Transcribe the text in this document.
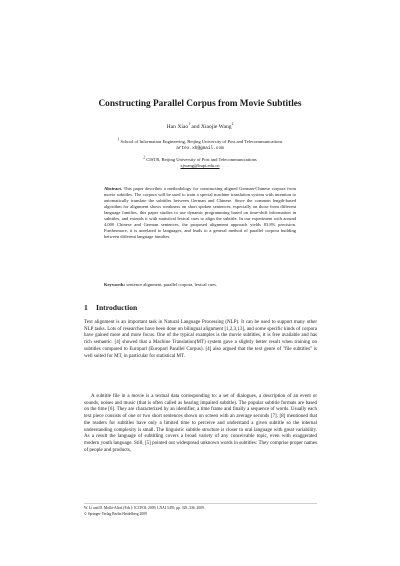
Constructing Parallel Corpus from Movie Subtitles
Han Xiao$^1$ and Xiaojie Wang$^2$
$^1$ School of Information Engineering, Beijing University of Post and Telecommunications
artex.xh@gmail.com
$^2$ CISTR, Beijing University of Post and Telecommunications
xjwang@bupt.edu.cn
Abstract. This paper describes a methodology for constructing aligned German-Chinese corpora from movie subtitles. The corpora will be used to train a special machine translation system with intention to automatically translate the subtitles between German and Chinese. Since the common length-based algorithm for alignment shows weakness on short spoken sentences, especially on those from different language families, this paper studies to use dynamic programming based on time-shift information in subtitles, and extends it with statistical lexical cues to align the subtitle. In our experiment with around 4,000 Chinese and German sentences, the proposed alignment approach yields 83.8% precision. Furthermore, it is unrelated to languages, and leads to a general method of parallel corpora building between different language families.
Keywords: sentence alignment, parallel corpora, lexical cues.
1 Introduction
Text alignment is an important task in Natural Language Processing (NLP). It can be used to support many other NLP tasks. Lots of researches have been done on bilingual alignment [1,2,3,13], and some specific kinds of corpora have gained more and more focus. One of the typical examples is the movie subtitles, it is free available and has rich semantic. [4] showed that a Machine Translation(MT) system gave a slightly better result when training on subtitles compared to Europarl (Europarl Parallel Corpus). [4] also argued that the text genre of "file subtitles" is well suited for MT, in particular for statistical MT.
A subtitle file in a movie is a textual data corresponding to: a set of dialogues, a description of an event or sounds, noises and music (that is often called as hearing impaired subtitle). The popular subtitle formats are based on the time [6]. They are characterized by an identifier, a time frame and finally a sequence of words. Usually each text piece consists of one or two short sentences shown on screen with an average seconds [7]. [8] mentioned that the readers for subtitles have only a limited time to perceive and understand a given subtitle so the internal understanding complexity is small. The linguistic subtitle structure is closer to oral language with great variability. As a result the language of subtitling covers a broad variety of any conceivable topic, even with exaggerated modern youth language. Still, [5] pointed out widespread unknown words in subtitles: They comprise proper names of people and products,
W. Li and D. Mollá-Aliod (Eds.): ICCPOL 2009, LNAI 5459, pp. 329–336, 2009.
© Springer-Verlag Berlin Heidelberg 2009
